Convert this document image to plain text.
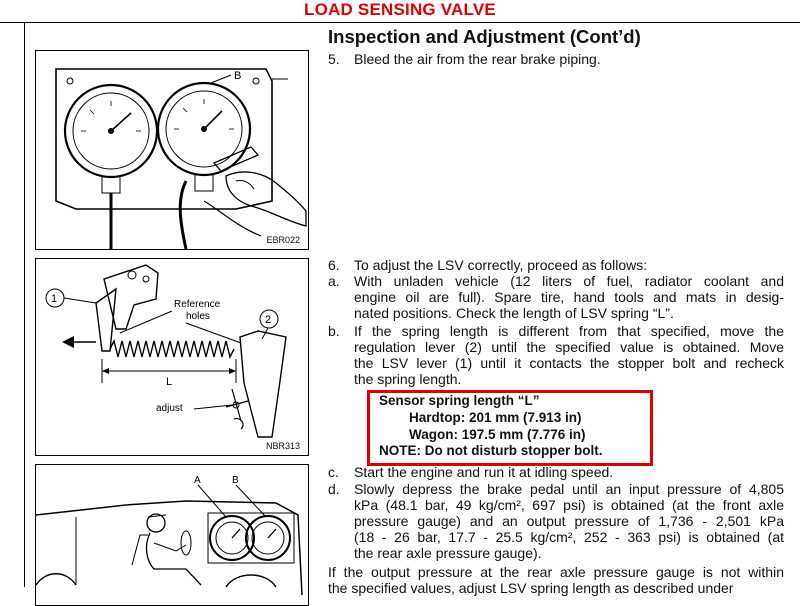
LOAD SENSING VALVE
B
EBR022
1	Reference
holes	2
L
adjust
NBR313
A	B
Inspection and Adjustment (Cont’d)
5. Bleed the air from the rear brake piping.
6. To adjust the LSV correctly, proceed as follows:
a. With unladen vehicle (12 liters of fuel, radiator coolant and
engine oil are full). Spare tire, hand tools and mats in desig-
nated positions. Check the length of LSV spring “L”.
b. If the spring length is different from that specified, move the
regulation lever (2) until the specified value is obtained. Move
the LSV lever (1) until it contacts the stopper bolt and recheck
the spring length.
Sensor spring length “L”
Hardtop: 201 mm (7.913 in)
Wagon: 197.5 mm (7.776 in)
NOTE: Do not disturb stopper bolt.
c. Start the engine and run it at idling speed.
d. Slowly depress the brake pedal until an input pressure of 4,805
kPa (48.1 bar, 49 kg/cm², 697 psi) is obtained (at the front axle
pressure gauge) and an output pressure of 1,736 - 2,501 kPa
(18 - 26 bar, 17.7 - 25.5 kg/cm², 252 - 363 psi) is obtained (at
the rear axle pressure gauge).
If the output pressure at the rear axle pressure gauge is not within
the specified values, adjust LSV spring length as described under
